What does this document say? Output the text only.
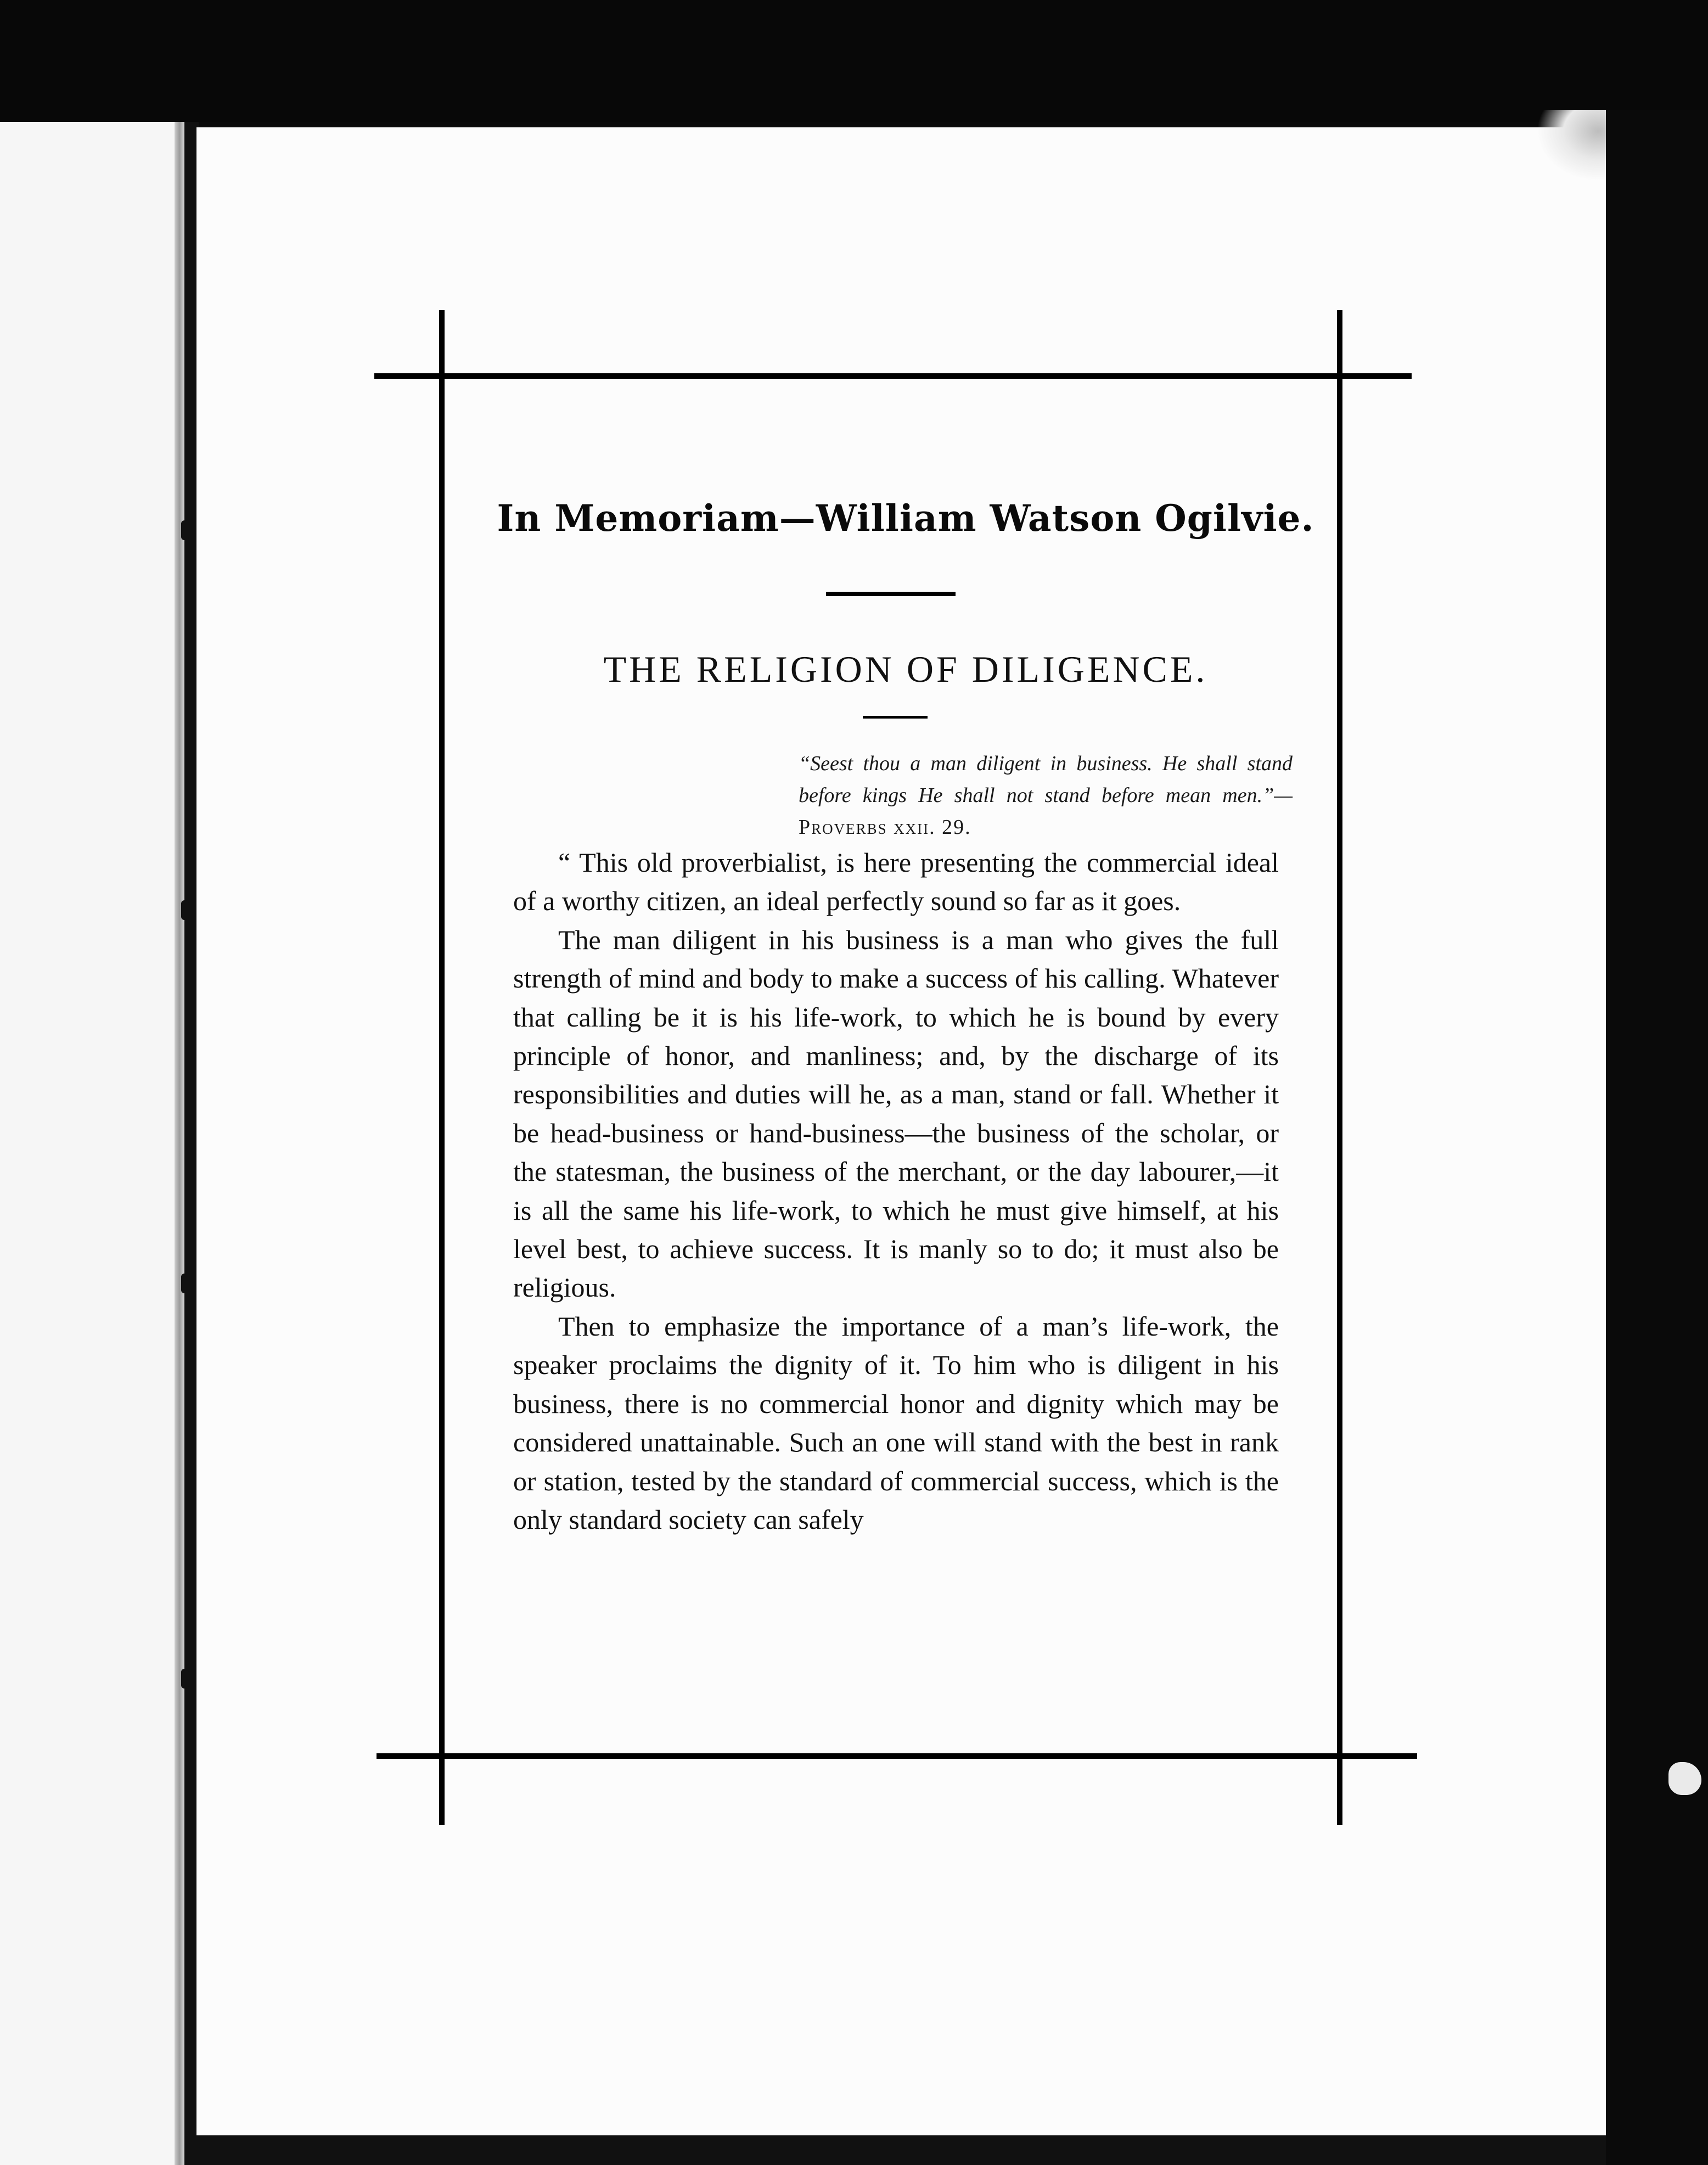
In Memoriam—William Watson Ogilvie.
THE RELIGION OF DILIGENCE.
“Seest thou a man diligent in business. He shall stand before kings He shall not stand before mean men.”—Proverbs xxii. 29.

“ This old proverbialist, is here presenting the commercial ideal of a worthy citizen, an ideal perfectly sound so far as it goes.

The man diligent in his business is a man who gives the full strength of mind and body to make a success of his calling. Whatever that calling be it is his life-work, to which he is bound by every principle of honor, and manliness; and, by the discharge of its responsibilities and duties will he, as a man, stand or fall. Whether it be head-business or hand-business—the business of the scholar, or the statesman, the business of the merchant, or the day labourer,—it is all the same his life-work, to which he must give himself, at his level best, to achieve success. It is manly so to do; it must also be religious.

Then to emphasize the importance of a man’s life-work, the speaker proclaims the dignity of it. To him who is diligent in his business, there is no commercial honor and dignity which may be considered unattainable. Such an one will stand with the best in rank or station, tested by the standard of commercial success, which is the only standard society can safely
